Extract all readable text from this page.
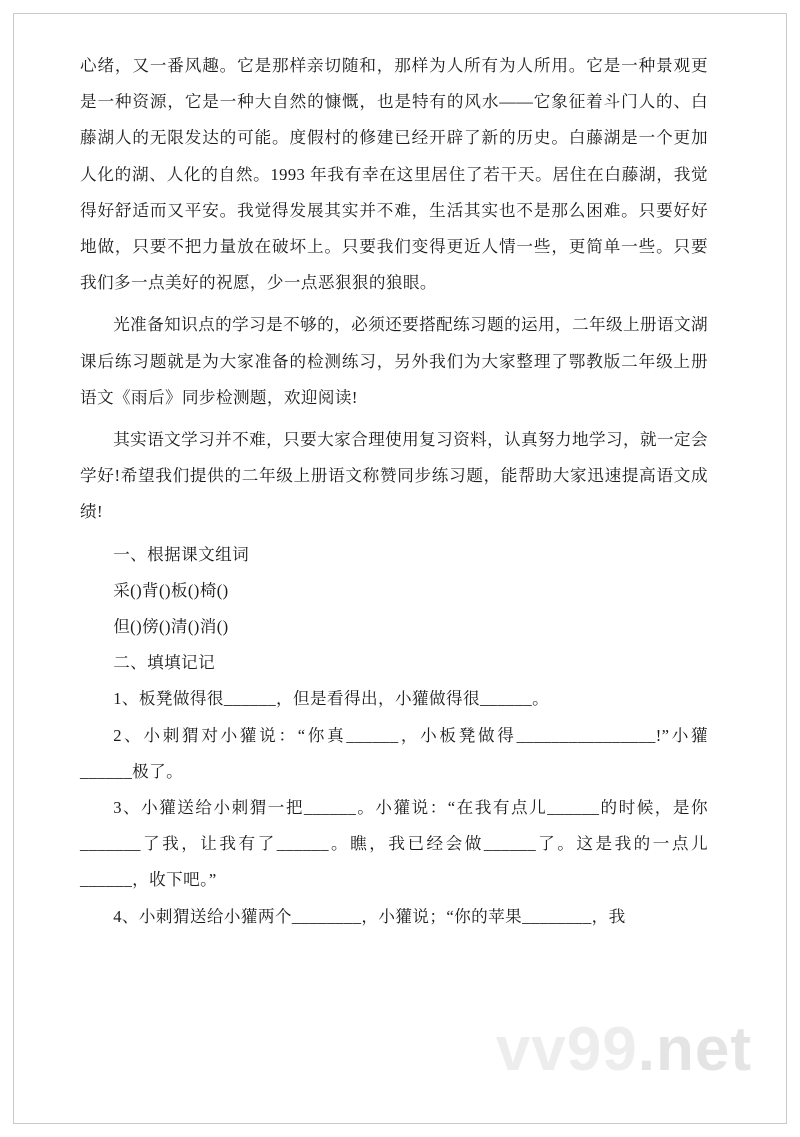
心绪，又一番风趣。它是那样亲切随和，那样为人所有为人所用。它是一种景观更是一种资源，它是一种大自然的慷慨，也是特有的风水——它象征着斗门人的、白藤湖人的无限发达的可能。度假村的修建已经开辟了新的历史。白藤湖是一个更加人化的湖、人化的自然。1993 年我有幸在这里居住了若干天。居住在白藤湖，我觉得好舒适而又平安。我觉得发展其实并不难，生活其实也不是那么困难。只要好好地做，只要不把力量放在破坏上。只要我们变得更近人情一些，更简单一些。只要我们多一点美好的祝愿，少一点恶狠狠的狼眼。

光准备知识点的学习是不够的，必须还要搭配练习题的运用，二年级上册语文湖课后练习题就是为大家准备的检测练习，另外我们为大家整理了鄂教版二年级上册语文《雨后》同步检测题，欢迎阅读!

其实语文学习并不难，只要大家合理使用复习资料，认真努力地学习，就一定会学好!希望我们提供的二年级上册语文称赞同步练习题，能帮助大家迅速提高语文成绩!

一、根据课文组词

采()背()板()椅()

但()傍()清()消()

二、填填记记

1、板凳做得很______，但是看得出，小獾做得很______。

2、小刺猬对小獾说：“你真______，小板凳做得________________!”小獾______极了。

3、小獾送给小刺猬一把______。小獾说：“在我有点儿______的时候，是你_______了我，让我有了______。瞧，我已经会做______了。这是我的一点儿______，收下吧。”

4、小刺猬送给小獾两个________，小獾说；“你的苹果________，我

vv99.net
